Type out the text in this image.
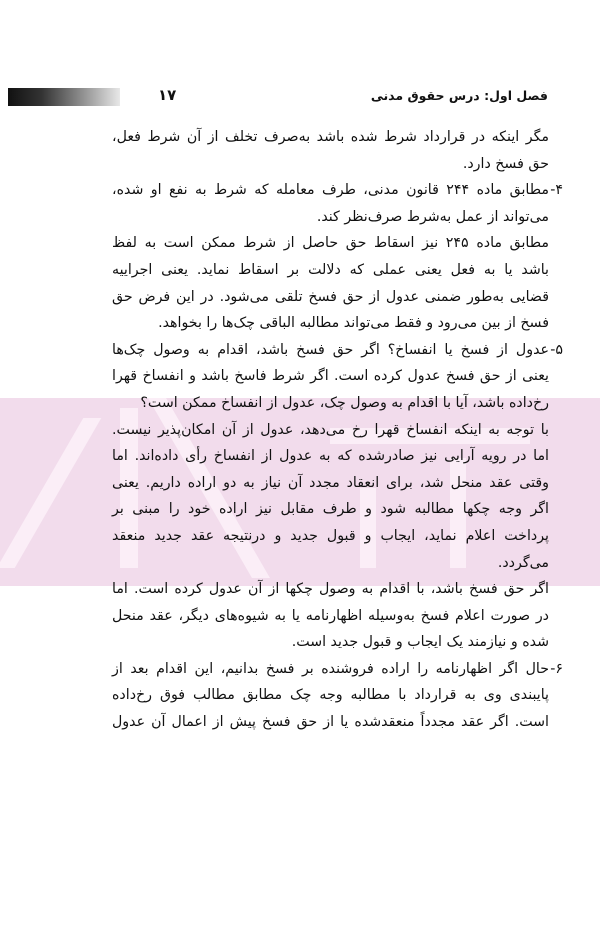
۱۷	فصل اول: درس حقوق مدنی
مگر اینکه در قرارداد شرط شده باشد به‌صرف تخلف از آن شرط فعل،
حق فسخ دارد.
۴-
مطابق ماده ۲۴۴ قانون مدنی، طرف معامله که شرط به نفع او شده،
می‌تواند از عمل به‌شرط صرف‌نظر کند.
مطابق ماده ۲۴۵ نیز اسقاط حق حاصل از شرط ممکن است به لفظ
باشد یا به فعل یعنی عملی که دلالت بر اسقاط نماید. یعنی اجراییه
قضایی به‌طور ضمنی عدول از حق فسخ تلقی می‌شود. در این فرض حق
فسخ از بین می‌رود و فقط می‌تواند مطالبه الباقی چک‌ها را بخواهد.
۵-
عدول از فسخ یا انفساخ؟ اگر حق فسخ باشد، اقدام به وصول چک‌ها
یعنی از حق فسخ عدول کرده است. اگر شرط فاسخ باشد و انفساخ قهرا
رخ‌داده باشد، آیا با اقدام به وصول چک، عدول از انفساخ ممکن است؟
با توجه به اینکه انفساخ قهرا رخ می‌دهد، عدول از آن امکان‌پذیر نیست.
اما در رویه آرایی نیز صادرشده که به عدول از انفساخ رأی داده‌اند. اما
وقتی عقد منحل شد، برای انعقاد مجدد آن نیاز به دو اراده داریم. یعنی
اگر وجه چکها مطالبه شود و طرف مقابل نیز اراده خود را مبنی بر
پرداخت اعلام نماید، ایجاب و قبول جدید و درنتیجه عقد جدید منعقد
می‌گردد.
اگر حق فسخ باشد، با اقدام به وصول چکها از آن عدول کرده است. اما
در صورت اعلام فسخ به‌وسیله اظهارنامه یا به شیوه‌های دیگر، عقد منحل
شده و نیازمند یک ایجاب و قبول جدید است.
۶-
حال اگر اظهارنامه را اراده فروشنده بر فسخ بدانیم، این اقدام بعد از
پایبندی وی به قرارداد با مطالبه وجه چک مطابق مطالب فوق رخ‌داده
است. اگر عقد مجدداً منعقدشده یا از حق فسخ پیش از اعمال آن عدول
